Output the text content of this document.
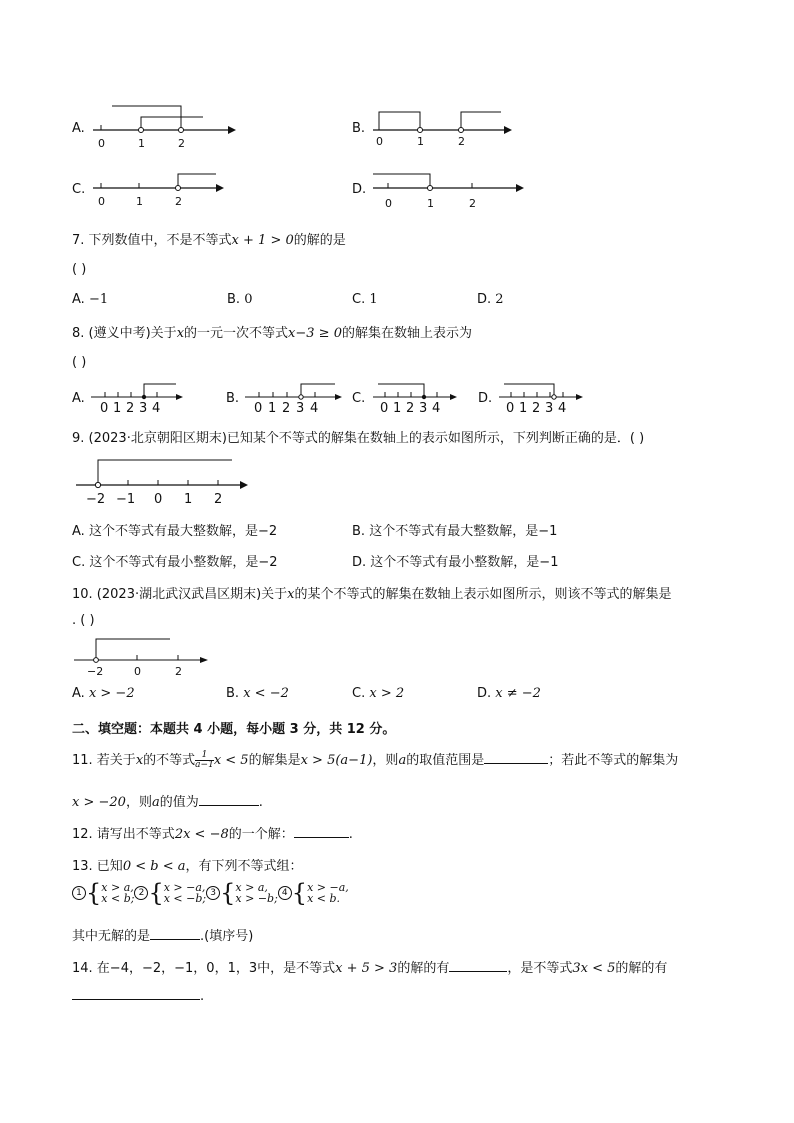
A.
0	1	2
B.
0	1	2
C.
0	1	2
D.
0	1	2
7. 下列数值中，不是不等式x + 1 > 0的解的是
( )
A. −1	B. 0	C. 1	D. 2
8. (遵义中考)关于x的一元一次不等式x−3 ≥ 0的解集在数轴上表示为
( )
A.
0 1 2 3 4
B.
0 1 2 3 4
C.
0 1 2 3 4
D.
0 1 2 3 4
9. (2023·北京朝阳区期末)已知某个不等式的解集在数轴上的表示如图所示，下列判断正确的是．( )
−2 −1 0 1 2
A. 这个不等式有最大整数解，是−2	B. 这个不等式有最大整数解，是−1
C. 这个不等式有最小整数解，是−2	D. 这个不等式有最小整数解，是−1
10. (2023·湖北武汉武昌区期末)关于x的某个不等式的解集在数轴上表示如图所示，则该不等式的解集是
. ( )
−2	0	2
A. x > −2	B. x < −2	C. x > 2	D. x ≠ −2
二、填空题：本题共 4 小题，每小题 3 分，共 12 分。
11. 若关于x的不等式 $\frac{1}{a-1}$ x < 5的解集是x > 5(a−1)，则a的取值范围是	；若此不等式的解集为
x > −20，则a的值为	.
12. 请写出不等式2x < −8的一个解：	.
13. 已知0 < b < a，有下列不等式组：
1 { x > a,
x < b; 2 { x > −a,
x < −b; 3 { x > a,
x > −b; 4 { x > −a,
x < b.
其中无解的是	.(填序号)
14. 在−4，−2，−1，0，1，3中，是不等式x + 5 > 3的解的有	，是不等式3x < 5的解的有
.
